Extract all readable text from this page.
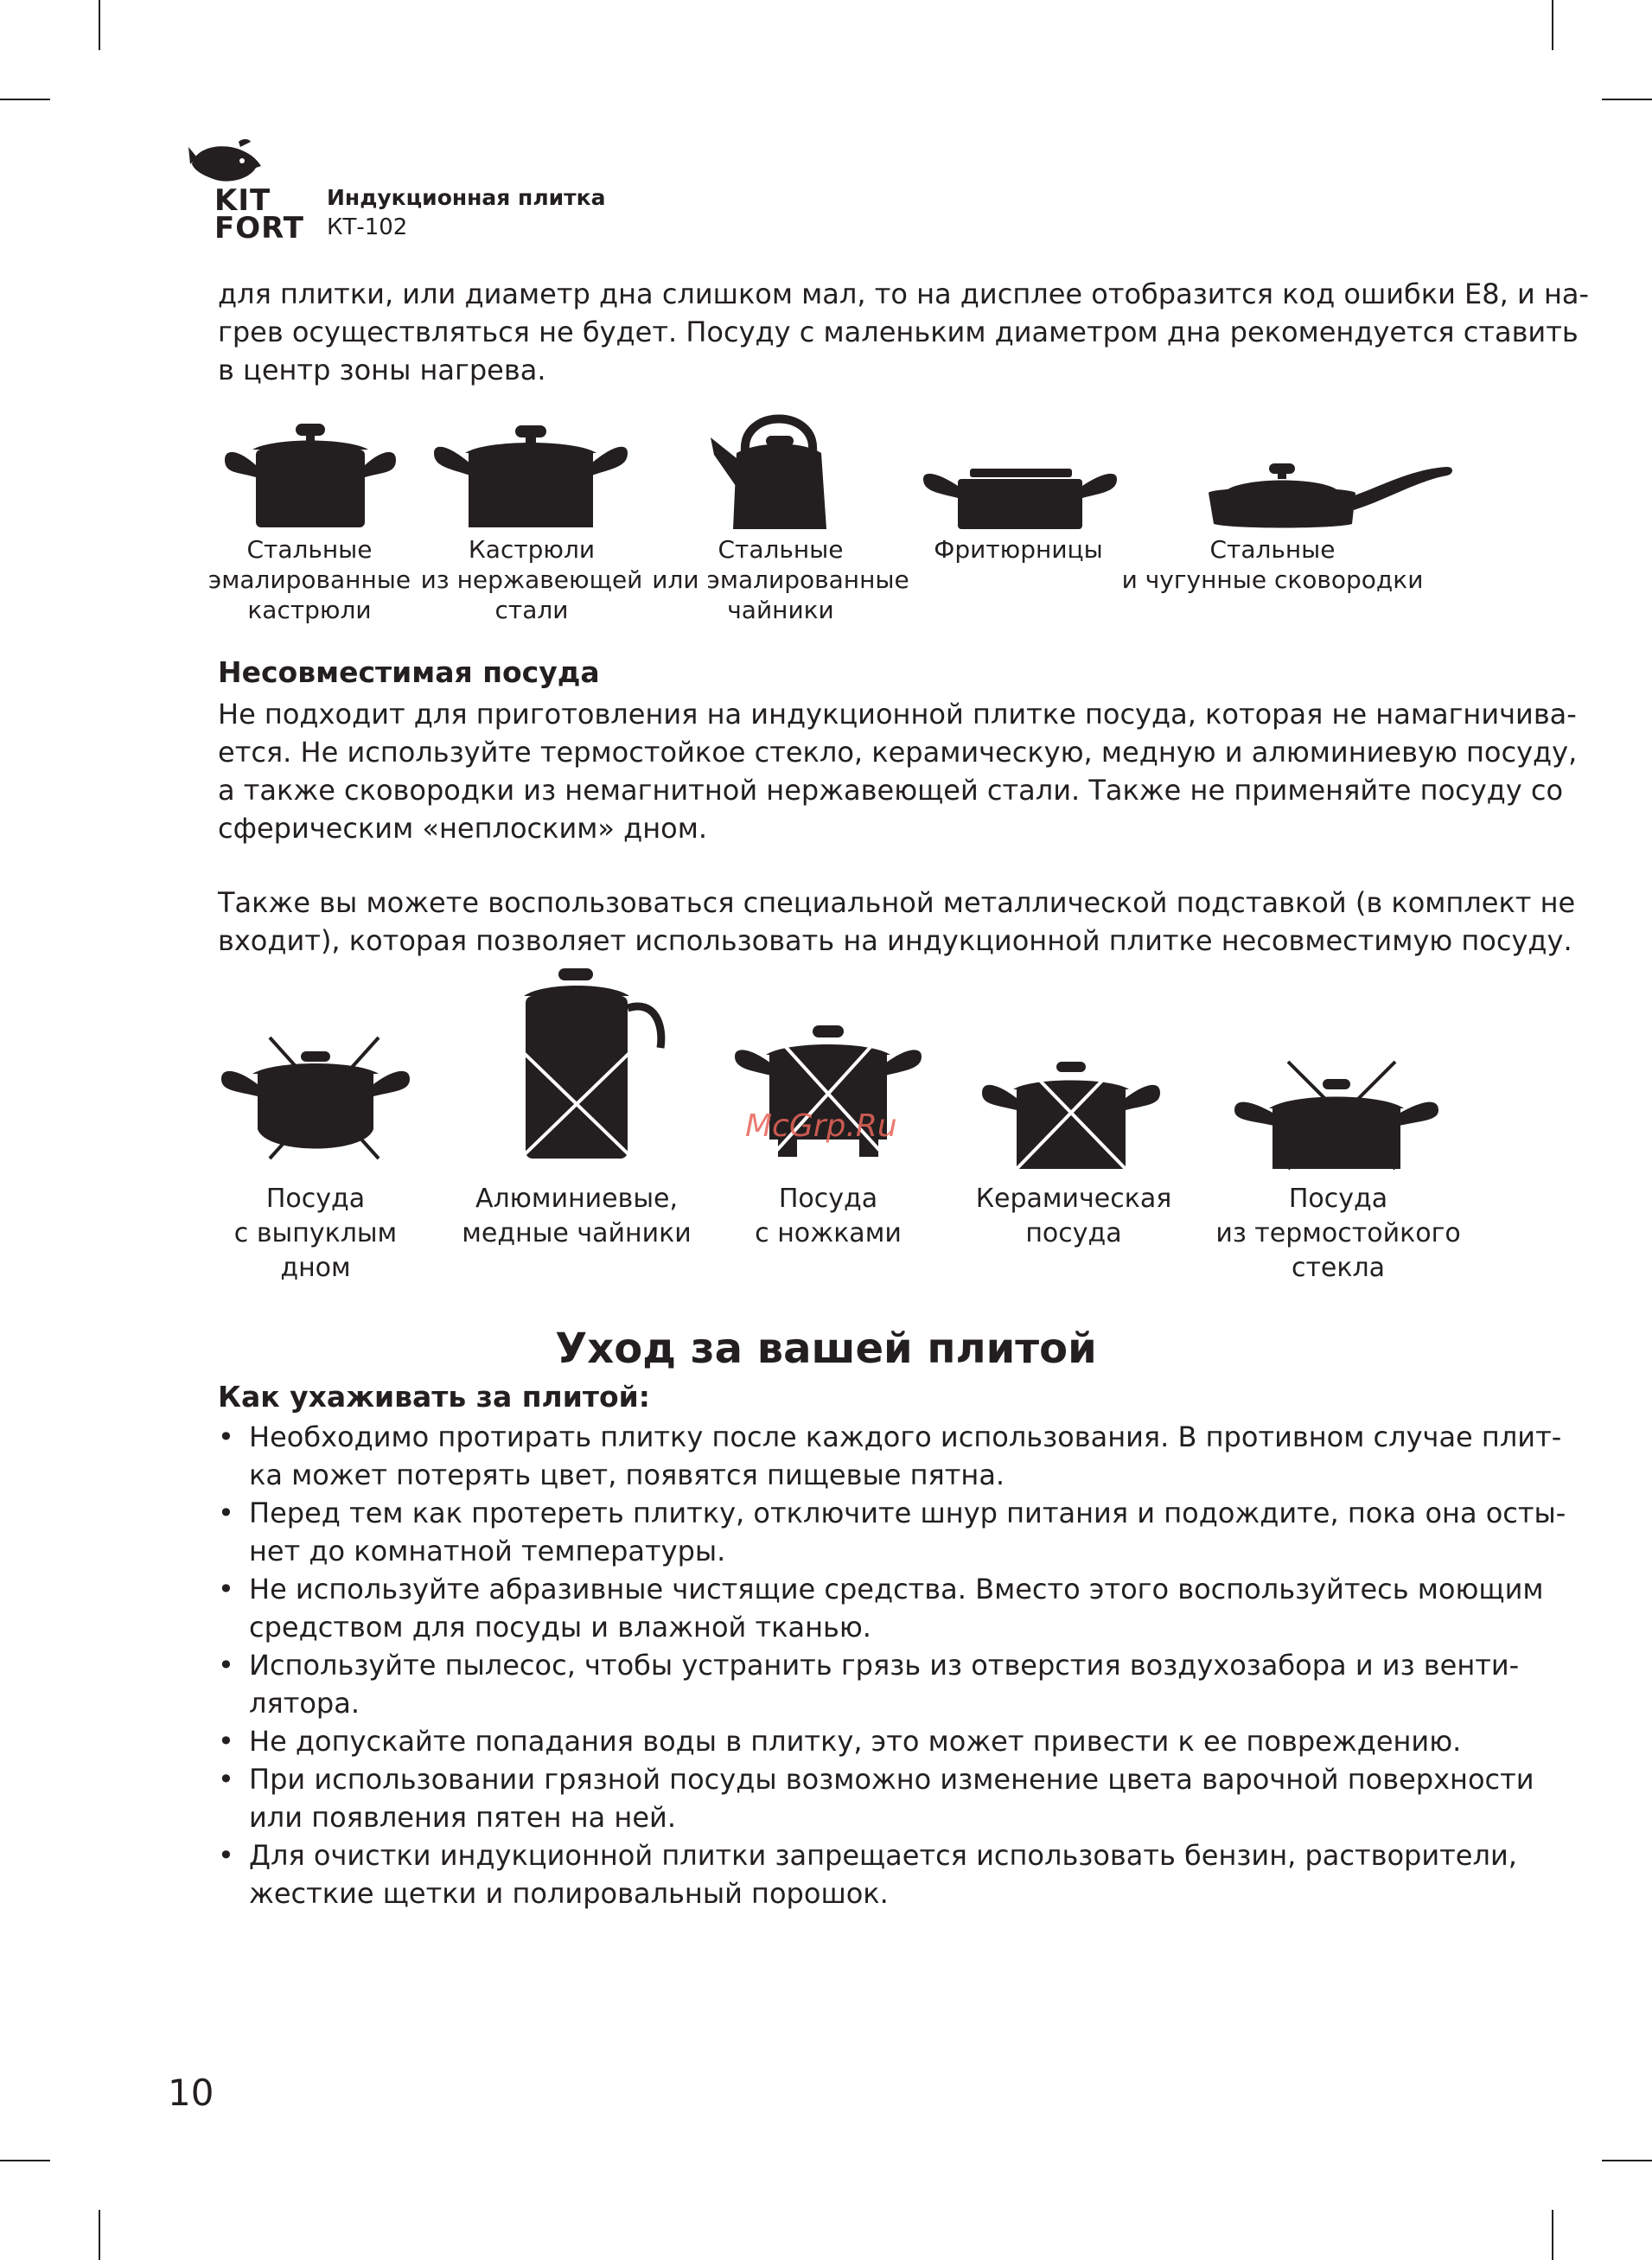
KIT
FORT
Индукционная плитка
КТ-102
для плитки, или диаметр дна слишком мал, то на дисплее отобразится код ошибки E8, и на-
грев осуществляться не будет. Посуду с маленьким диаметром дна рекомендуется ставить
в центр зоны нагрева.
Стальные
эмалированные
кастрюли
Кастрюли
из нержавеющей
стали
Стальные
или эмалированные
чайники
Фритюрницы	Стальные
и чугунные сковородки
Несовместимая посуда
Не подходит для приготовления на индукционной плитке посуда, которая не намагничива-
ется. Не используйте термостойкое стекло, керамическую, медную и алюминиевую посуду,
а также сковородки из немагнитной нержавеющей стали. Также не применяйте посуду со
сферическим «неплоским» дном.
Также вы можете воспользоваться специальной металлической подставкой (в комплект не
входит), которая позволяет использовать на индукционной плитке несовместимую посуду.
Посуда
с выпуклым
дном
Алюминиевые,
медные чайники
Посуда
с ножками
Керамическая
посуда
Посуда
из термостойкого
стекла
McGrp.Ru
Уход за вашей плитой
Как ухаживать за плитой:
• Необходимо протирать плитку после каждого использования. В противном случае плит-
ка может потерять цвет, появятся пищевые пятна.
• Перед тем как протереть плитку, отключите шнур питания и подождите, пока она осты-
нет до комнатной температуры.
• Не используйте абразивные чистящие средства. Вместо этого воспользуйтесь моющим
средством для посуды и влажной тканью.
• Используйте пылесос, чтобы устранить грязь из отверстия воздухозабора и из венти-
лятора.
• Не допускайте попадания воды в плитку, это может привести к ее повреждению.
• При использовании грязной посуды возможно изменение цвета варочной поверхности
или появления пятен на ней.
• Для очистки индукционной плитки запрещается использовать бензин, растворители,
жесткие щетки и полировальный порошок.
10
